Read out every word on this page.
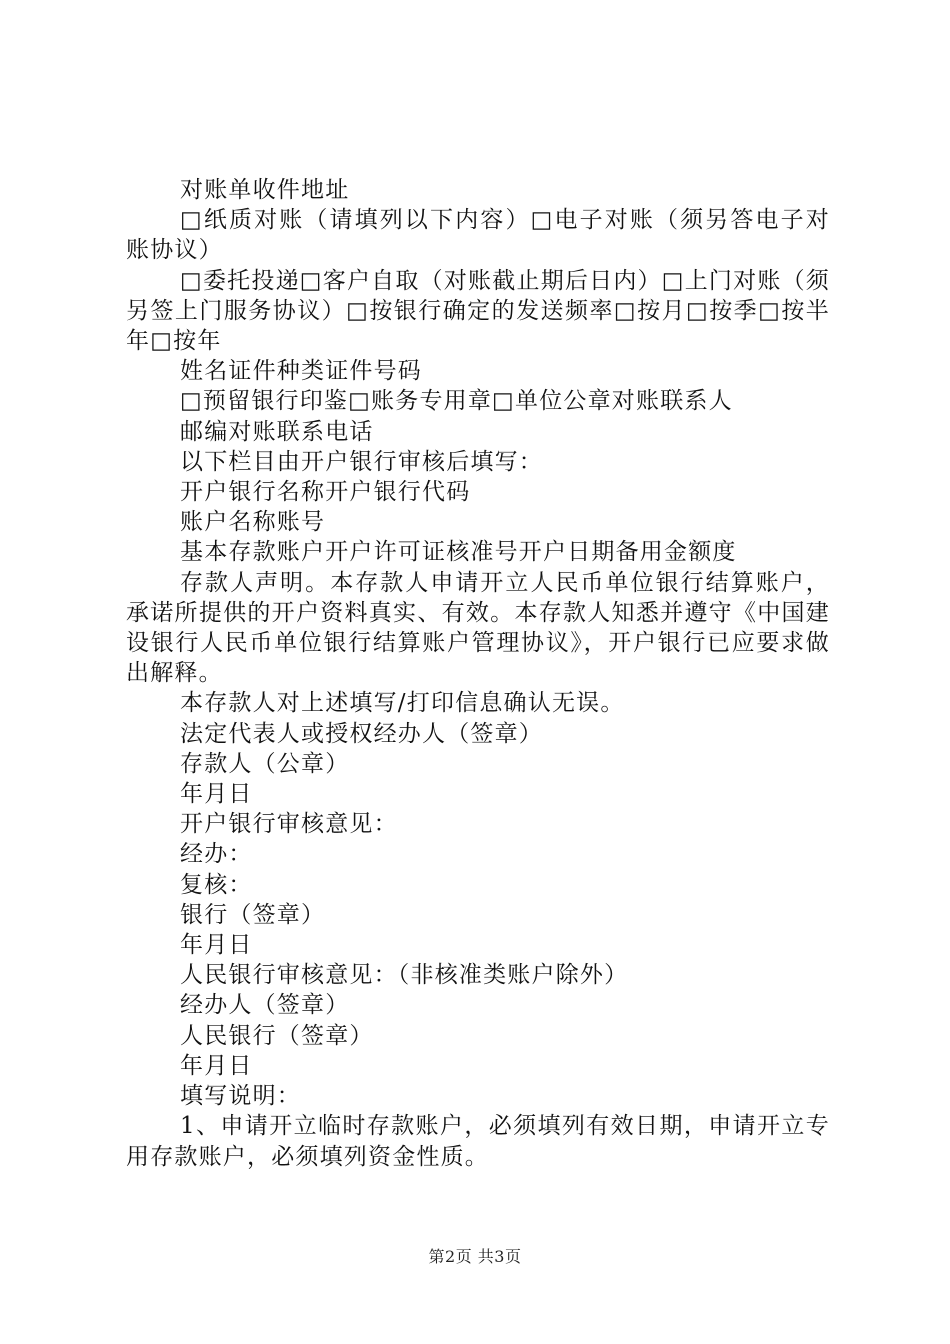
对账单收件地址

□纸质对账（请填列以下内容）□电子对账（须另答电子对账协议）

□委托投递□客户自取（对账截止期后日内）□上门对账（须另签上门服务协议）□按银行确定的发送频率□按月□按季□按半年□按年

姓名证件种类证件号码

□预留银行印鉴□账务专用章□单位公章对账联系人

邮编对账联系电话

以下栏目由开户银行审核后填写：

开户银行名称开户银行代码

账户名称账号

基本存款账户开户许可证核准号开户日期备用金额度

存款人声明。本存款人申请开立人民币单位银行结算账户，承诺所提供的开户资料真实、有效。本存款人知悉并遵守《中国建设银行人民币单位银行结算账户管理协议》，开户银行已应要求做出解释。

本存款人对上述填写/打印信息确认无误。

法定代表人或授权经办人（签章）

存款人（公章）

年月日

开户银行审核意见：

经办：

复核：

银行（签章）

年月日

人民银行审核意见：（非核准类账户除外）

经办人（签章）

人民银行（签章）

年月日

填写说明：

1、申请开立临时存款账户，必须填列有效日期，申请开立专用存款账户，必须填列资金性质。

第2页 共3页
